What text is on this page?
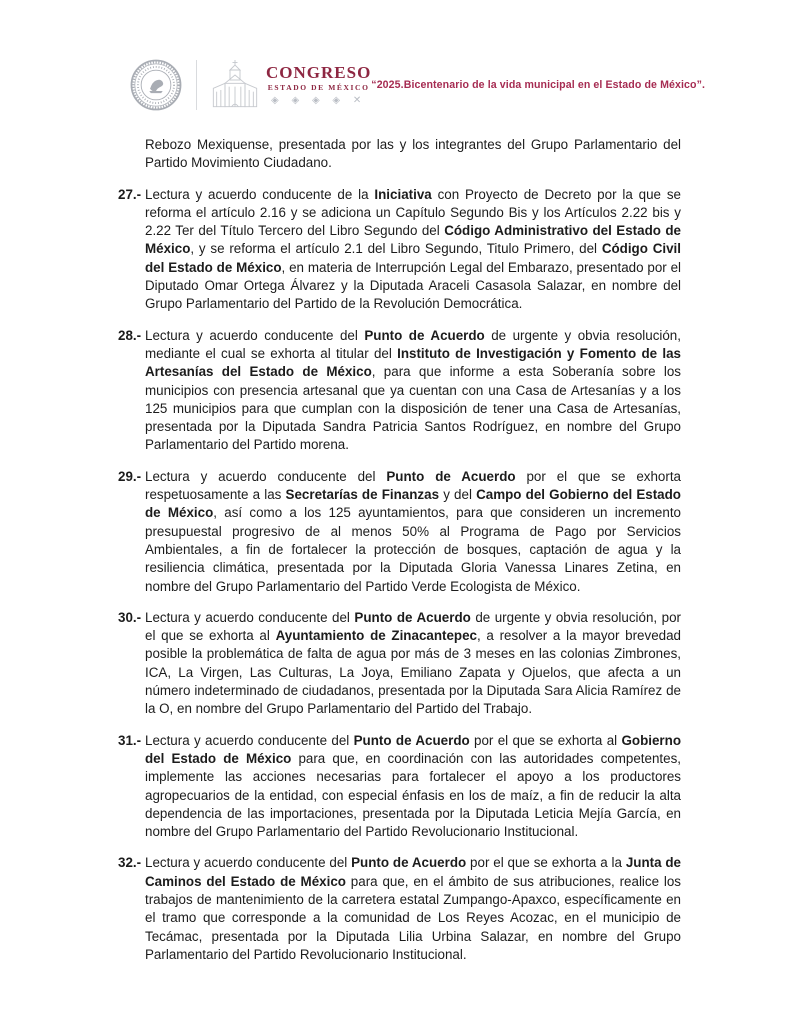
CONGRESO
ESTADO DE MÉXICO
◈ ◈ ◈ ◈ ✕
“2025.Bicentenario de la vida municipal en el Estado de México”.

Rebozo Mexiquense, presentada por las y los integrantes del Grupo Parlamentario del Partido Movimiento Ciudadano.

27.- Lectura y acuerdo conducente de la Iniciativa con Proyecto de Decreto por la que se reforma el artículo 2.16 y se adiciona un Capítulo Segundo Bis y los Artículos 2.22 bis y 2.22 Ter del Título Tercero del Libro Segundo del Código Administrativo del Estado de México, y se reforma el artículo 2.1 del Libro Segundo, Titulo Primero, del Código Civil del Estado de México, en materia de Interrupción Legal del Embarazo, presentado por el Diputado Omar Ortega Álvarez y la Diputada Araceli Casasola Salazar, en nombre del Grupo Parlamentario del Partido de la Revolución Democrática.
28.- Lectura y acuerdo conducente del Punto de Acuerdo de urgente y obvia resolución, mediante el cual se exhorta al titular del Instituto de Investigación y Fomento de las Artesanías del Estado de México, para que informe a esta Soberanía sobre los municipios con presencia artesanal que ya cuentan con una Casa de Artesanías y a los 125 municipios para que cumplan con la disposición de tener una Casa de Artesanías, presentada por la Diputada Sandra Patricia Santos Rodríguez, en nombre del Grupo Parlamentario del Partido morena.
29.- Lectura y acuerdo conducente del Punto de Acuerdo por el que se exhorta respetuosamente a las Secretarías de Finanzas y del Campo del Gobierno del Estado de México, así como a los 125 ayuntamientos, para que consideren un incremento presupuestal progresivo de al menos 50% al Programa de Pago por Servicios Ambientales, a fin de fortalecer la protección de bosques, captación de agua y la resiliencia climática, presentada por la Diputada Gloria Vanessa Linares Zetina, en nombre del Grupo Parlamentario del Partido Verde Ecologista de México.
30.- Lectura y acuerdo conducente del Punto de Acuerdo de urgente y obvia resolución, por el que se exhorta al Ayuntamiento de Zinacantepec, a resolver a la mayor brevedad posible la problemática de falta de agua por más de 3 meses en las colonias Zimbrones, ICA, La Virgen, Las Culturas, La Joya, Emiliano Zapata y Ojuelos, que afecta a un número indeterminado de ciudadanos, presentada por la Diputada Sara Alicia Ramírez de la O, en nombre del Grupo Parlamentario del Partido del Trabajo.
31.- Lectura y acuerdo conducente del Punto de Acuerdo por el que se exhorta al Gobierno del Estado de México para que, en coordinación con las autoridades competentes, implemente las acciones necesarias para fortalecer el apoyo a los productores agropecuarios de la entidad, con especial énfasis en los de maíz, a fin de reducir la alta dependencia de las importaciones, presentada por la Diputada Leticia Mejía García, en nombre del Grupo Parlamentario del Partido Revolucionario Institucional.
32.- Lectura y acuerdo conducente del Punto de Acuerdo por el que se exhorta a la Junta de Caminos del Estado de México para que, en el ámbito de sus atribuciones, realice los trabajos de mantenimiento de la carretera estatal Zumpango-Apaxco, específicamente en el tramo que corresponde a la comunidad de Los Reyes Acozac, en el municipio de Tecámac, presentada por la Diputada Lilia Urbina Salazar, en nombre del Grupo Parlamentario del Partido Revolucionario Institucional.
